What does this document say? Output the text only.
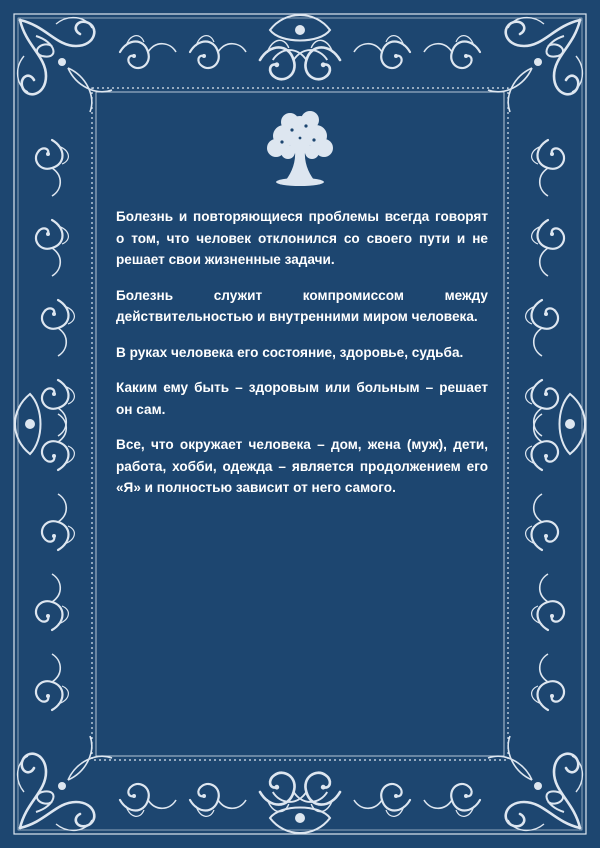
Болезнь и повторяющиеся проблемы всегда говорят о том, что человек отклонился со своего пути и не решает свои жизненные задачи.

Болезнь служит компромиссом между действительностью и внутренними миром человека.

В руках человека его состояние, здоровье, судьба.

Каким ему быть – здоровым или больным – решает он сам.

Все, что окружает человека – дом, жена (муж), дети, работа, хобби, одежда – является продолжением его «Я» и полностью зависит от него самого.
